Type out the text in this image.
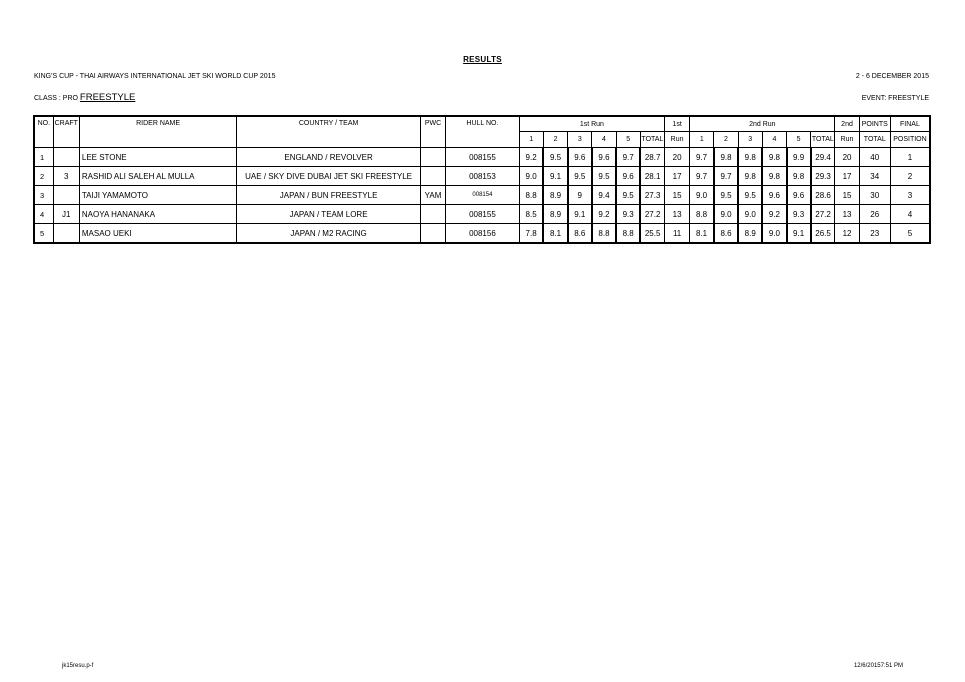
RESULTS
KING'S CUP - THAI AIRWAYS INTERNATIONAL JET SKI WORLD CUP 2015	2 - 6 DECEMBER 2015
CLASS : PRO FREESTYLE	EVENT: FREESTYLE
NO.	CRAFT	RIDER NAME	COUNTRY / TEAM	PWC	HULL NO.	1st Run						1st	2nd Run						2nd	POINTS	FINAL
						1	2	3	4	5	TOTAL	Run	1	2	3	4	5	TOTAL	Run	TOTAL	POSITION
1		LEE STONE	ENGLAND / REVOLVER		008155	9.2	9.5	9.6	9.6	9.7	28.7	20	9.7	9.8	9.8	9.8	9.9	29.4	20	40	1
2	3	RASHID ALI SALEH AL MULLA	UAE / SKY DIVE DUBAI JET SKI FREESTYLE		008153	9.0	9.1	9.5	9.5	9.6	28.1	17	9.7	9.7	9.8	9.8	9.8	29.3	17	34	2
3		TAIJI YAMAMOTO	JAPAN / BUN FREESTYLE	YAM	008154	8.8	8.9	9	9.4	9.5	27.3	15	9.0	9.5	9.5	9.6	9.6	28.6	15	30	3
4	J1	NAOYA HANANAKA	JAPAN / TEAM LORE		008155	8.5	8.9	9.1	9.2	9.3	27.2	13	8.8	9.0	9.0	9.2	9.3	27.2	13	26	4
5		MASAO UEKI	JAPAN / M2 RACING		008156	7.8	8.1	8.6	8.8	8.8	25.5	11	8.1	8.6	8.9	9.0	9.1	26.5	12	23	5
jk15resu.p-f	12/6/20157:51 PM
